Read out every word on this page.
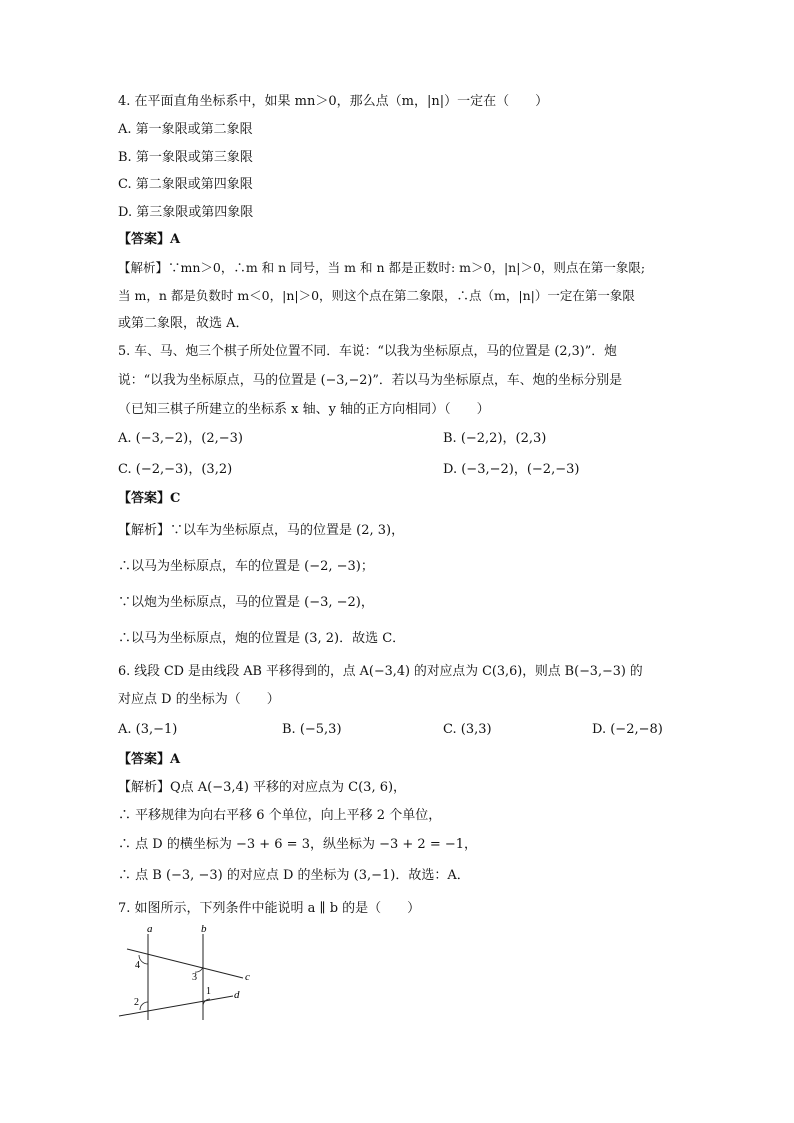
4. 在平面直角坐标系中，如果 mn＞0，那么点（m，|n|）一定在（　　）
A. 第一象限或第二象限
B. 第一象限或第三象限
C. 第二象限或第四象限
D. 第三象限或第四象限
【答案】A
【解析】∵mn＞0，∴m 和 n 同号，当 m 和 n 都是正数时: m＞0，|n|＞0，则点在第一象限;
当 m，n 都是负数时 m＜0，|n|＞0，则这个点在第二象限，∴点（m，|n|）一定在第一象限
或第二象限，故选 A．
5. 车、马、炮三个棋子所处位置不同．车说：“以我为坐标原点，马的位置是 (2,3)”．炮
说：“以我为坐标原点，马的位置是 (−3,−2)”．若以马为坐标原点，车、炮的坐标分别是
（已知三棋子所建立的坐标系 x 轴、y 轴的正方向相同）（　　）
A. (−3,−2)，(2,−3)	B. (−2,2)，(2,3)
C. (−2,−3)，(3,2)	D. (−3,−2)，(−2,−3)
【答案】C
【解析】∵以车为坐标原点，马的位置是 (2, 3)，
∴以马为坐标原点，车的位置是 (−2, −3)；
∵以炮为坐标原点，马的位置是 (−3, −2)，
∴以马为坐标原点，炮的位置是 (3, 2)．故选 C．
6. 线段 CD 是由线段 AB 平移得到的，点 A(−3,4) 的对应点为 C(3,6)，则点 B(−3,−3) 的
对应点 D 的坐标为（　　）
A. (3,−1)	B. (−5,3)	C. (3,3)	D. (−2,−8)
【答案】A
【解析】Q点 A(−3,4) 平移的对应点为 C(3, 6)，
∴ 平移规律为向右平移 6 个单位，向上平移 2 个单位，
∴ 点 D 的横坐标为 −3 + 6 = 3，纵坐标为 −3 + 2 = −1，
∴ 点 B (−3, −3) 的对应点 D 的坐标为 (3,−1)．故选：A．
7. 如图所示，下列条件中能说明 a ∥ b 的是（　　）
a	b
c
d
4
3
2
1
